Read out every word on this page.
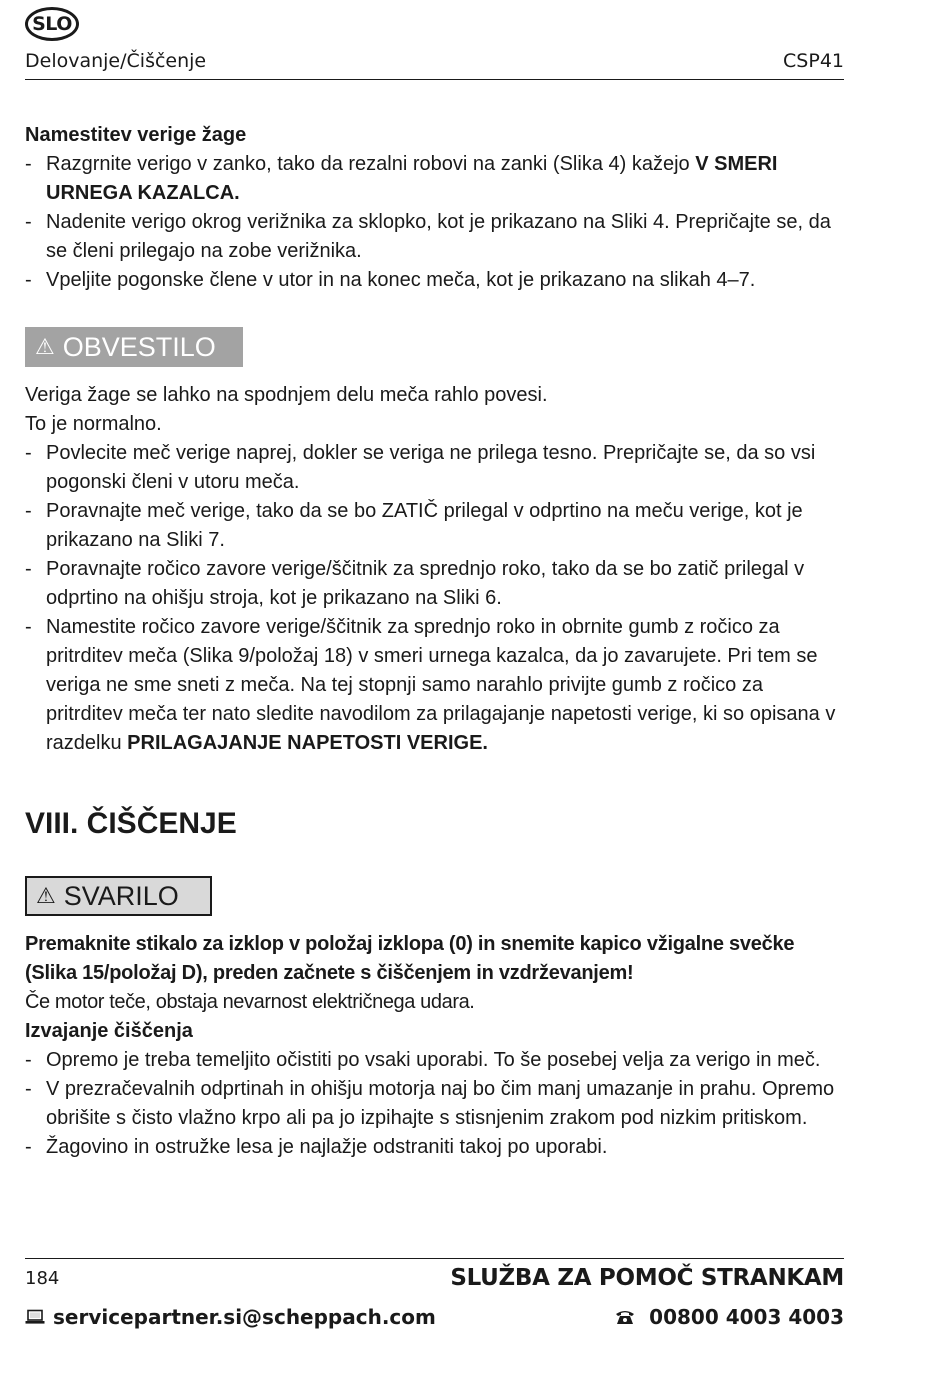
SLO
Delovanje/Čiščenje	CSP41

Namestitev verige žage

- Razgrnite verigo v zanko, tako da rezalni robovi na zanki (Slika 4) kažejo V SMERI URNEGA KAZALCA.
- Nadenite verigo okrog verižnika za sklopko, kot je prikazano na Sliki 4. Prepričajte se, da se členi prilegajo na zobe verižnika.
- Vpeljite pogonske člene v utor in na konec meča, kot je prikazano na slikah 4–7.
⚠ OBVESTILO

Veriga žage se lahko na spodnjem delu meča rahlo povesi.

To je normalno.

- Povlecite meč verige naprej, dokler se veriga ne prilega tesno. Prepričajte se, da so vsi pogonski členi v utoru meča.
- Poravnajte meč verige, tako da se bo ZATIČ prilegal v odprtino na meču verige, kot je prikazano na Sliki 7.
- Poravnajte ročico zavore verige/ščitnik za sprednjo roko, tako da se bo zatič prilegal v odprtino na ohišju stroja, kot je prikazano na Sliki 6.
- Namestite ročico zavore verige/ščitnik za sprednjo roko in obrnite gumb z ročico za pritrditev meča (Slika 9/položaj 18) v smeri urnega kazalca, da jo zavarujete. Pri tem se veriga ne sme sneti z meča. Na tej stopnji samo narahlo privijte gumb z ročico za pritrditev meča ter nato sledite navodilom za prilagajanje napetosti verige, ki so opisana v razdelku PRILAGAJANJE NAPETOSTI VERIGE.
VIII. ČIŠČENJE
⚠ SVARILO

Premaknite stikalo za izklop v položaj izklopa (0) in snemite kapico vžigalne svečke (Slika 15/položaj D), preden začnete s čiščenjem in vzdrževanjem!

Če motor teče, obstaja nevarnost električnega udara.

Izvajanje čiščenja

- Opremo je treba temeljito očistiti po vsaki uporabi. To še posebej velja za verigo in meč.
- V prezračevalnih odprtinah in ohišju motorja naj bo čim manj umazanje in prahu. Opremo obrišite s čisto vlažno krpo ali pa jo izpihajte s stisnjenim zrakom pod nizkim pritiskom.
- Žagovino in ostružke lesa je najlažje odstraniti takoj po uporabi.
184	SLUŽBA ZA POMOČ STRANKAM
servicepartner.si@scheppach.com	00800 4003 4003
